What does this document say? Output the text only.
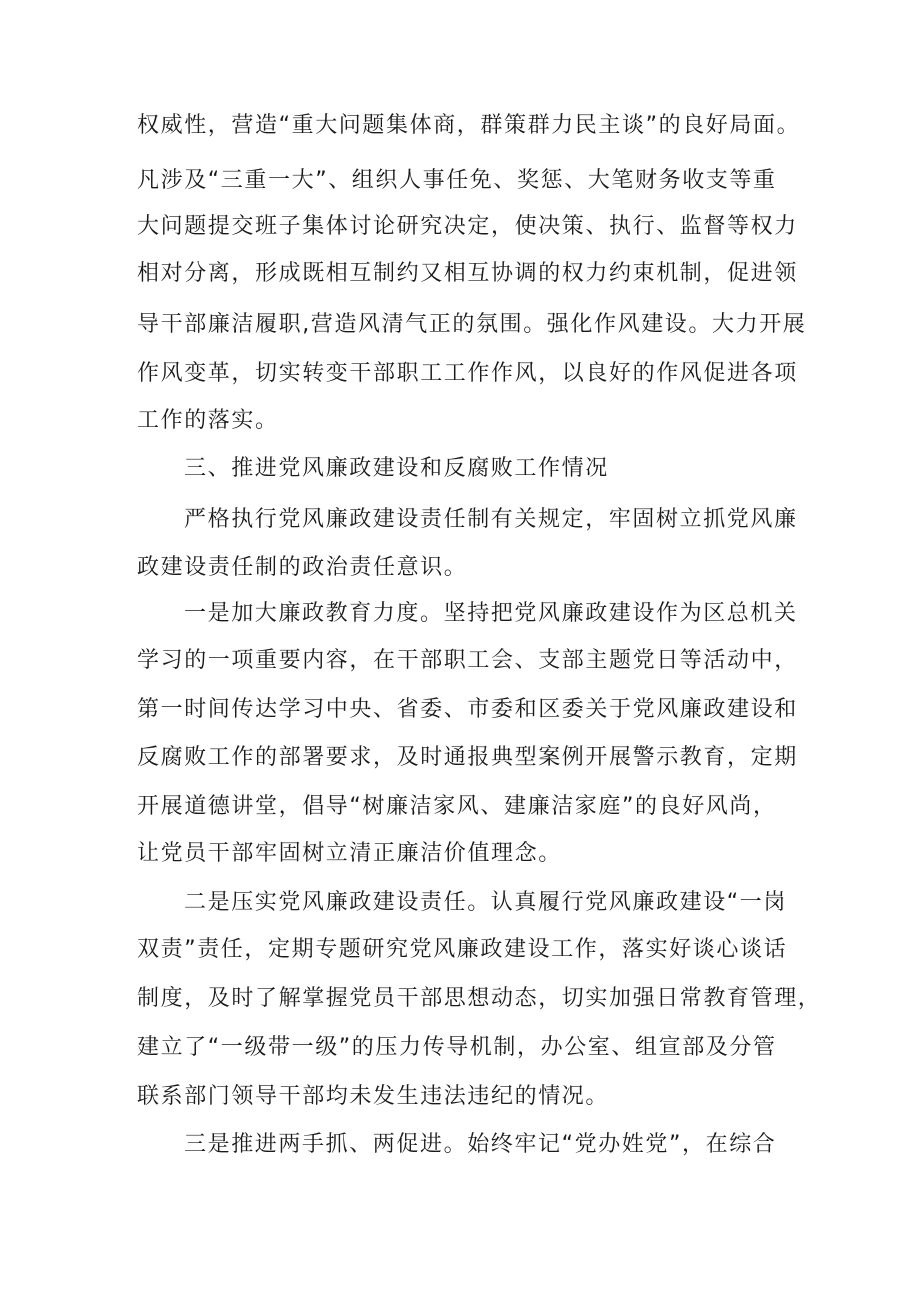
权威性，营造“重大问题集体商，群策群力民主谈”的良好局面。
凡涉及“三重一大”、组织人事任免、奖惩、大笔财务收支等重
大问题提交班子集体讨论研究决定，使决策、执行、监督等权力
相对分离，形成既相互制约又相互协调的权力约束机制，促进领
导干部廉洁履职,营造风清气正的氛围。强化作风建设。大力开展
作风变革，切实转变干部职工工作作风，以良好的作风促进各项
工作的落实。
三、推进党风廉政建设和反腐败工作情况
严格执行党风廉政建设责任制有关规定，牢固树立抓党风廉
政建设责任制的政治责任意识。
一是加大廉政教育力度。坚持把党风廉政建设作为区总机关
学习的一项重要内容，在干部职工会、支部主题党日等活动中，
第一时间传达学习中央、省委、市委和区委关于党风廉政建设和
反腐败工作的部署要求，及时通报典型案例开展警示教育，定期
开展道德讲堂，倡导“树廉洁家风、建廉洁家庭”的良好风尚，
让党员干部牢固树立清正廉洁价值理念。
二是压实党风廉政建设责任。认真履行党风廉政建设“一岗
双责”责任，定期专题研究党风廉政建设工作，落实好谈心谈话
制度，及时了解掌握党员干部思想动态，切实加强日常教育管理，
建立了“一级带一级”的压力传导机制，办公室、组宣部及分管
联系部门领导干部均未发生违法违纪的情况。
三是推进两手抓、两促进。始终牢记“党办姓党”，在综合
